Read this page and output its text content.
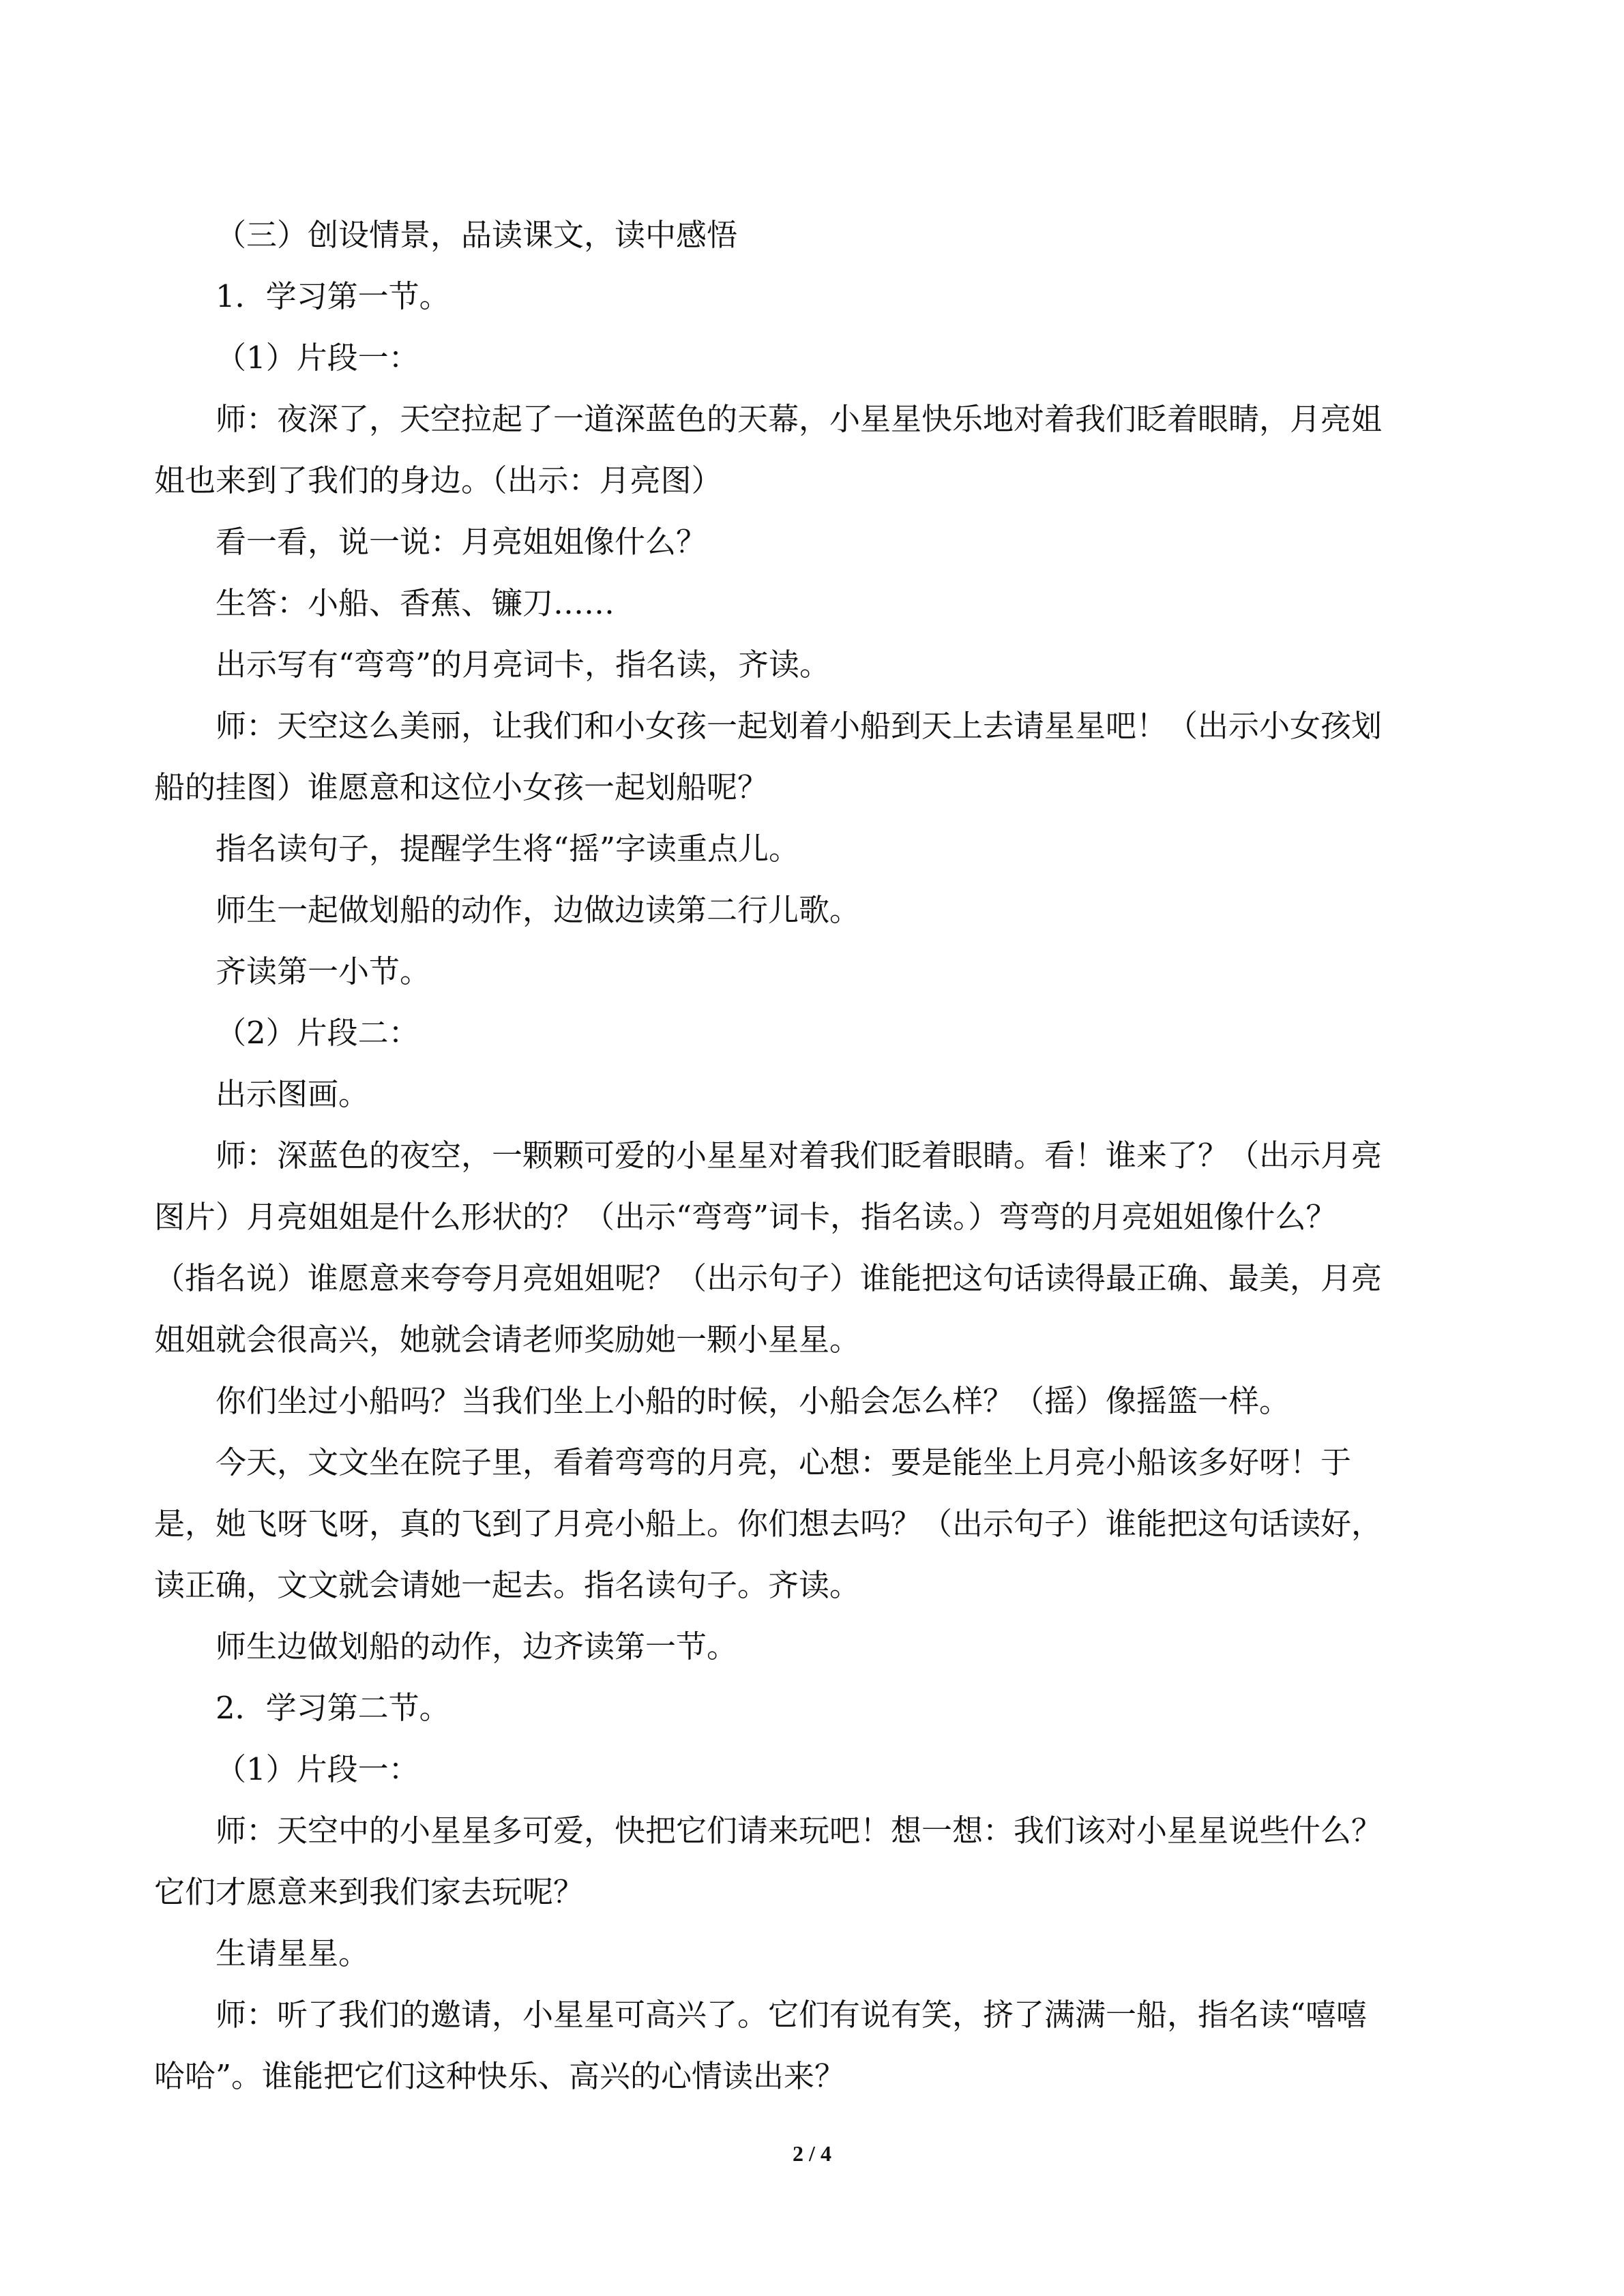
（三）创设情景，品读课文，读中感悟

1．学习第一节。

（1）片段一：

师：夜深了，天空拉起了一道深蓝色的天幕，小星星快乐地对着我们眨着眼睛，月亮姐

姐也来到了我们的身边。（出示：月亮图）

看一看，说一说：月亮姐姐像什么？

生答：小船、香蕉、镰刀……

出示写有“弯弯”的月亮词卡，指名读，齐读。

师：天空这么美丽，让我们和小女孩一起划着小船到天上去请星星吧！（出示小女孩划

船的挂图）谁愿意和这位小女孩一起划船呢？

指名读句子，提醒学生将“摇”字读重点儿。

师生一起做划船的动作，边做边读第二行儿歌。

齐读第一小节。

（2）片段二：

出示图画。

师：深蓝色的夜空，一颗颗可爱的小星星对着我们眨着眼睛。看！谁来了？（出示月亮

图片）月亮姐姐是什么形状的？（出示“弯弯”词卡，指名读。）弯弯的月亮姐姐像什么？

（指名说）谁愿意来夸夸月亮姐姐呢？（出示句子）谁能把这句话读得最正确、最美，月亮

姐姐就会很高兴，她就会请老师奖励她一颗小星星。

你们坐过小船吗？当我们坐上小船的时候，小船会怎么样？（摇）像摇篮一样。

今天，文文坐在院子里，看着弯弯的月亮，心想：要是能坐上月亮小船该多好呀！于

是，她飞呀飞呀，真的飞到了月亮小船上。你们想去吗？（出示句子）谁能把这句话读好，

读正确，文文就会请她一起去。指名读句子。齐读。

师生边做划船的动作，边齐读第一节。

2．学习第二节。

（1）片段一：

师：天空中的小星星多可爱，快把它们请来玩吧！想一想：我们该对小星星说些什么？

它们才愿意来到我们家去玩呢？

生请星星。

师：听了我们的邀请，小星星可高兴了。它们有说有笑，挤了满满一船，指名读“嘻嘻

哈哈”。谁能把它们这种快乐、高兴的心情读出来？

2 / 4
